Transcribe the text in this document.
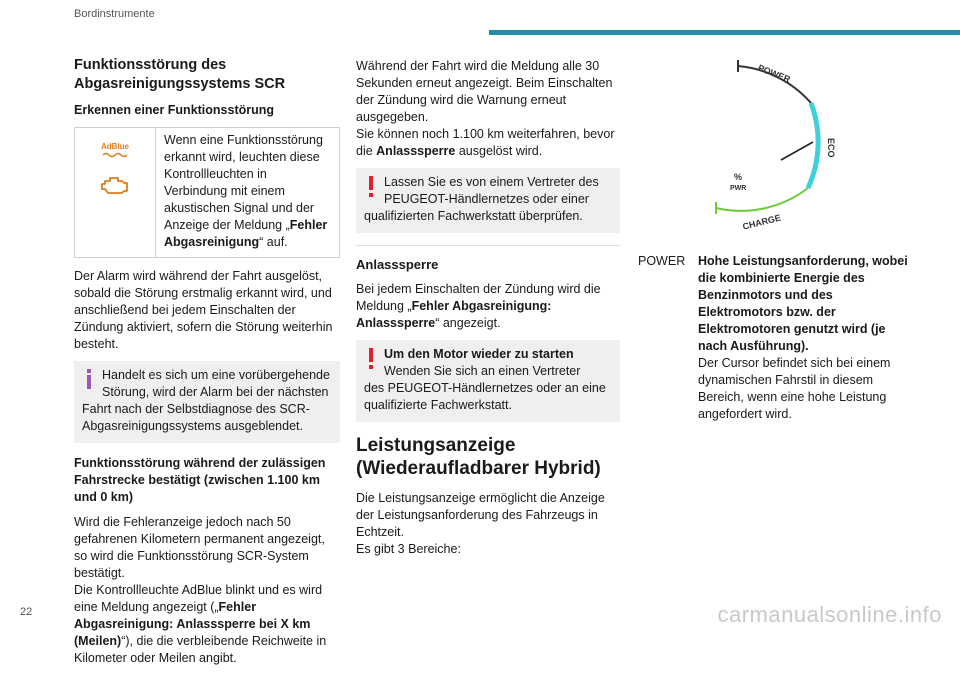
Bordinstrumente
Funktionsstörung des Abgasreinigungssystems SCR
Erkennen einer Funktionsstörung
AdBlue	Wenn eine Funktionsstörung erkannt wird, leuchten diese Kontrollleuchten in Verbindung mit einem akustischen Signal und der Anzeige der Meldung „Fehler Abgasreinigung“ auf.

Der Alarm wird während der Fahrt ausgelöst, sobald die Störung erstmalig erkannt wird, und anschließend bei jedem Einschalten der Zündung aktiviert, sofern die Störung weiterhin besteht.

Handelt es sich um eine vorübergehende Störung, wird der Alarm bei der nächsten
Fahrt nach der Selbstdiagnose des SCR-Abgasreinigungssystems ausgeblendet.
Funktionsstörung während der zulässigen Fahrstrecke bestätigt (zwischen 1.100 km und 0 km)

Wird die Fehleranzeige jedoch nach 50 gefahrenen Kilometern permanent angezeigt, so wird die Funktionsstörung SCR-System bestätigt.

Die Kontrollleuchte AdBlue blinkt und es wird eine Meldung angezeigt („Fehler Abgasreinigung: Anlasssperre bei X km (Meilen)“), die die verbleibende Reichweite in Kilometer oder Meilen angibt.

Während der Fahrt wird die Meldung alle 30 Sekunden erneut angezeigt. Beim Einschalten der Zündung wird die Warnung erneut ausgegeben.

Sie können noch 1.100 km weiterfahren, bevor die Anlasssperre ausgelöst wird.

Lassen Sie es von einem Vertreter des PEUGEOT-Händlernetzes oder einer
qualifizierten Fachwerkstatt überprüfen.
Anlasssperre

Bei jedem Einschalten der Zündung wird die Meldung „Fehler Abgasreinigung: Anlasssperre“ angezeigt.

Um den Motor wieder zu starten
Wenden Sie sich an einen Vertreter
des PEUGEOT-Händlernetzes oder an eine qualifizierte Fachwerkstatt.
Leistungsanzeige (Wiederaufladbarer Hybrid)

Die Leistungsanzeige ermöglicht die Anzeige der Leistungsanforderung des Fahrzeugs in Echtzeit.

Es gibt 3 Bereiche:

POWER
ECO
CHARGE
%
PWR
POWER	Hohe Leistungsanforderung, wobei die kombinierte Energie des Benzinmotors und des Elektromotors bzw. der Elektromotoren genutzt wird (je nach Ausführung).
Der Cursor befindet sich bei einem dynamischen Fahrstil in diesem Bereich, wenn eine hohe Leistung angefordert wird.
22	carmanualsonline.info
